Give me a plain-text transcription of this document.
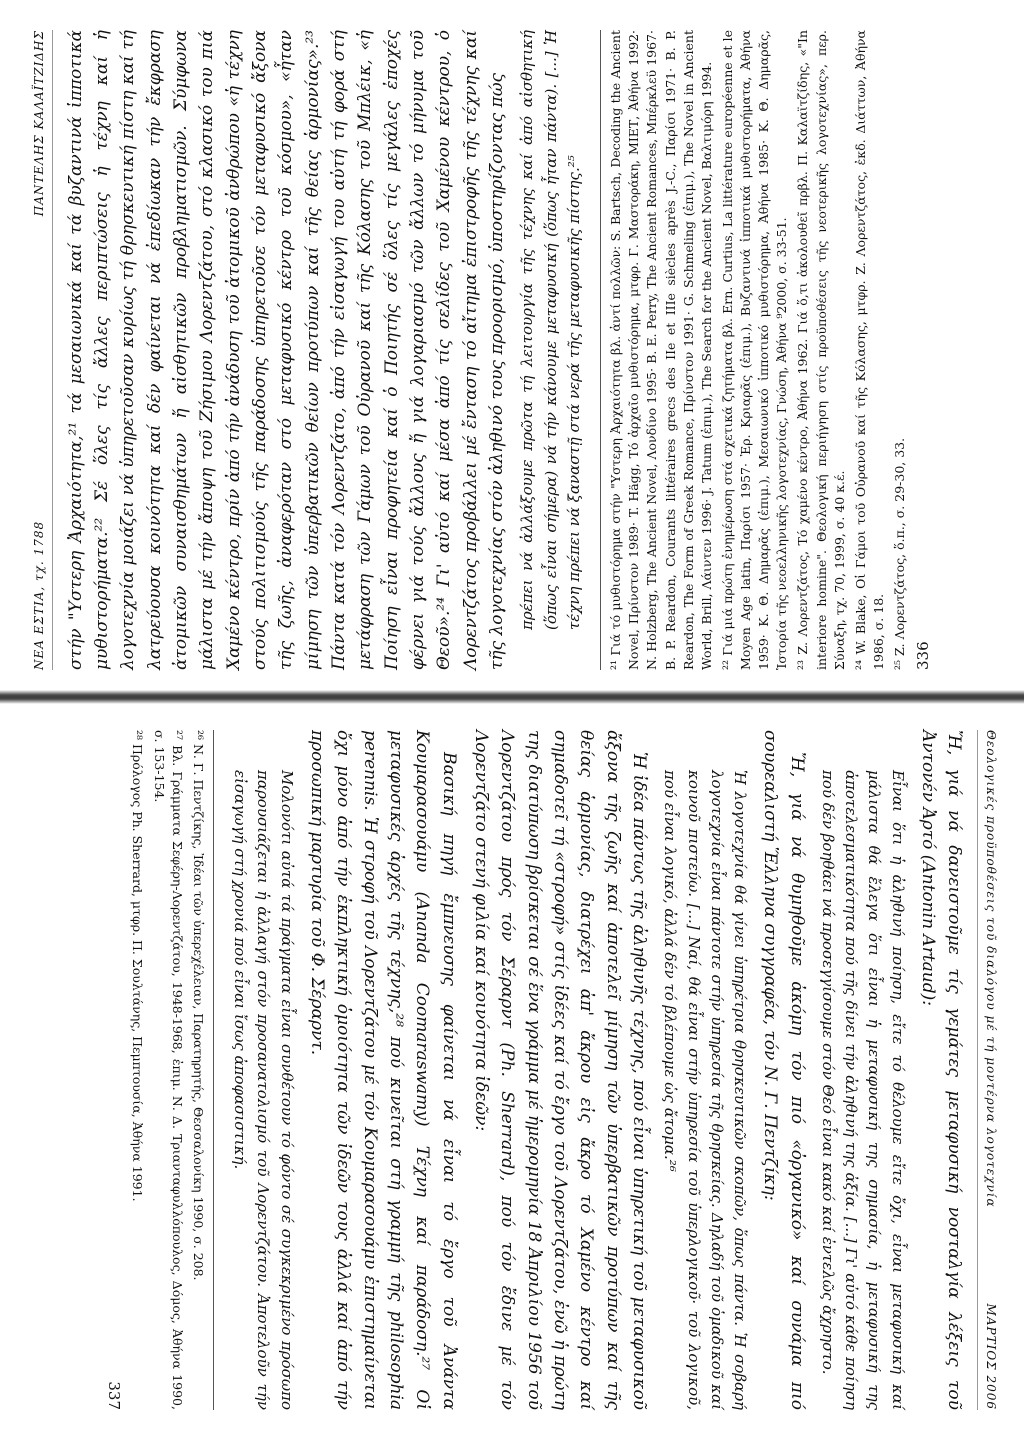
ΝΕΑ ΕΣΤΙΑ, τχ. 1788
ΠΑΝΤΕΛΗΣ ΚΑΛΑΪΤΖΙΔΗΣ στήν "Υστερη Ἀρχαιότητα,²¹ τά μεσαιωνικά καί τά βυζαντινά ἱπποτικά μυθιστορήματα.²² Σέ ὅλες τίς ἄλλες περιπτώσεις ἡ τέχνη καί ἡ λογοτεχνία μοιάζει νά ὑπηρετοῦσαν κυρίως τή θρησκευτική πίστη καί τή λατρεύουσα κοινότητα καί δέν φαίνεται νά ἐπεδίωκαν τήν ἔκφραση ἀτομικῶν συναισθημάτων ἤ αἰσθητικῶν προβληματισμῶν. Σύμφωνα μάλιστα μέ τήν ἄποψη τοῦ Ζήσιμου Λορεντζάτου, στό κλασικό του πιά Χαμένο κέντρο, πρίν ἀπό τήν ἀνάδυση τοῦ ἀτομικοῦ ἀνθρώπου «ἡ τέχνη στούς πολιτισμούς τῆς παράδοσης ὑπηρετοῦσε τόν μεταφυσικό ἄξονα τῆς ζωῆς, ἀναφερόταν στό μεταφυσικό κέντρο τοῦ κόσμου», «ἦταν μίμηση τῶν ὑπερβατικῶν θείων προτύπων καί τῆς θείας ἁρμονίας».²³ Πάντα κατά τόν Λορεντζάτο, ἀπό τήν εἰσαγωγή του αὐτή τή φορά στή μετάφραση τῶν Γάμων τοῦ Οὐρανοῦ καί τῆς Κόλασης τοῦ Μπλέικ, «ἡ Ποίηση εἶναι προφητεία καί ὁ Ποιητής σέ ὅλες τίς μεγάλες ἐποχές φέρνει γιά τούς ἄλλους ἤ γιά λογαριασμό τῶν ἄλλων τό μήνυμα τοῦ Θεοῦ».²⁴ Γι' αὐτό καί μέσα ἀπό τίς σελίδες τοῦ Χαμένου κέντρου, ὁ Λορεντζάτος προβάλλει μέ ἔνταση τό αἴτημα ἐπιστροφῆς τῆς τέχνης καί τῆς λογοτεχνίας στόν ἀληθινό τους προορισμό, ὑποστηρίζοντας πώς πρέπει νά ἀλλάξουμε πρῶτα τή λειτουργία τῆς τέχνης καί ἀπό αἰσθητική (ὅπως εἶναι σήμερα) νά τήν κάνουμε μεταφυσική (ὅπως ἦταν πάντα). [...] Ἡ τέχνη πρέπει νά ξαναστῇ στά νερά τῆς μεταφυσικῆς πίστης.²⁵ ²¹ Γιά τό μυθιστόρημα στήν "Υστερη Ἀρχαιότητα βλ. ἀντί πολλῶν: S. Bartsch, Decoding the Ancient Novel, Πρίνστον 1989· T. Hägg, Τό ἀρχαῖο μυθιστόρημα, μτφρ. Γ. Μαστοράκη, ΜΙΕΤ, Ἀθήνα 1992· N. Holzberg, The Ancient Novel, Λονδίνο 1995· B. E. Perry, The Ancient Romances, Μπέρκλεϋ 1967· B. P. Reardon, Courants littéraires grecs des IIe et IIIe siècles après J.-C., Παρίσι 1971· B. P. Reardon, The Form of Greek Romance, Πρίνστον 1991· G. Schmeling (ἐπιμ.), The Novel in Ancient World, Brill, Λάιντεν 1996· J. Tatum (ἐπιμ.), The Search for the Ancient Novel, Βαλτιμόρη 1994. ²² Γιά μιά πρώτη ἐνημέρωση στά σχετικά ζητήματα βλ. Ern. Curtius, La littérature européenne et le Moyen Age latin, Παρίσι 1957· Ἐρ. Κριαρᾶς (ἐπιμ.), Βυζαντινά ἱπποτικά μυθιστορήματα, Ἀθήνα 1959· Κ. Θ. Δημαρᾶς (ἐπιμ.), Μεσαιωνικό ἱπποτικό μυθιστόρημα, Ἀθήνα 1985· Κ. Θ. Δημαρᾶς, Ἱστορία τῆς νεοελληνικῆς λογοτεχνίας, Γνώση, Ἀθήνα ⁹2000, σ. 33-51. ²³ Ζ. Λορεντζάτος, Τό χαμένο κέντρο, Ἀθήνα 1962. Γιά ὅ,τι ἀκολουθεῖ πρβλ. Π. Καλαϊτζίδης, «"In interiore homine". Θεολογική περιήγηση στίς προϋποθέσεις τῆς νεοτερικῆς λογοτεχνίας», περ. Σύναξη, τχ. 70, 1999, σ. 40 κ.έ. ²⁴ W. Blake, Οἱ Γάμοι τοῦ Οὐρανοῦ καί τῆς Κόλασης, μτφρ. Ζ. Λορεντζάτος, ἐκδ. Διάττων, Ἀθήνα 1986, σ. 18. ²⁵ Ζ. Λορεντζάτος, ὅ.π., σ. 29-30, 33. 336
Θεολογικές προϋποθέσεις τοῦ διαλόγου μέ τή μοντέρνα λογοτεχνία
ΜΑΡΤΙΟΣ 2006

Ἤ, γιά νά δανειστοῦμε τίς γεμάτες μεταφυσική νοσταλγία λέξεις τοῦ Ἀντονέν Ἀρτό (Antonin Artaud):

Εἶναι ὅτι ἡ ἀληθινή ποίηση, εἴτε τό θέλουμε εἴτε ὄχι, εἶναι μεταφυσική καί μάλιστα θά ἔλεγα ὅτι εἶναι ἡ μεταφυσική της σημασία, ἡ μεταφυσική της ἀποτελεσματικότητα πού τῆς δίνει τήν ἀληθινή της ἀξία. [...] Γι' αὐτό κάθε ποίηση πού δέν βοηθάει νά προσεγγίσουμε στόν Θεό εἶναι κακό καί ἐντελῶς ἄχρηστο.

Ἤ, γιά νά θυμηθοῦμε ἀκόμη τόν πιό «ὀργανικό» καί συνάμα πιό σουρεαλιστή Ἕλληνα συγγραφέα, τόν Ν. Γ. Πεντζίκη:

Ἡ λογοτεχνία θά γίνει ὑπηρέτρια θρησκευτικῶν σκοπῶν, ὅπως πάντα. Ἡ σοβαρή λογοτεχνία εἶναι πάντοτε στήν ὑπηρεσία τῆς θρησκείας. Δηλαδή τοῦ ὁμαδικοῦ καί κοινοῦ πιστεύω. [...] Ναί, θά εἶναι στήν ὑπηρεσία τοῦ ὑπερλογικοῦ· τοῦ λογικοῦ, πού εἶναι λογικό, ἀλλά δέν τό βλέπουμε ὡς ἄτομα.²⁶

Ἡ ἰδέα πάντως τῆς ἀληθινῆς τέχνης, πού εἶναι ὑπηρετική τοῦ μεταφυσικοῦ ἄξονα τῆς ζωῆς καί ἀποτελεῖ μίμηση τῶν ὑπερβατικῶν προτύπων καί τῆς θείας ἁρμονίας, διατρέχει ἀπ' ἄκρου εἰς ἄκρο τό Χαμένο κέντρο καί σημαδοτεῖ τή «στροφή» στίς ἰδέες καί τό ἔργο τοῦ Λορεντζάτου, ἐνῶ ἡ πρώτη της διατύπωση βρίσκεται σέ ἕνα γράμμα μέ ἡμερομηνία 18 Ἀπριλίου 1956 τοῦ Λορεντζάτου πρός τόν Σέραρντ (Ph. Sherrard), πού τόν ἔδινε μέ τόν Λορεντζάτο στενή φιλία καί κοινότητα ἰδεῶν:

Βασική πηγή ἔμπνευσης φαίνεται νά εἶναι τό ἔργο τοῦ Ἀνάντα Κουμαρασουάμυ (Ananda Coomaraswamy) Τέχνη καί παράδοση.²⁷ Οἱ μεταφυσικές ἀρχές τῆς τέχνης,²⁸ πού κινεῖται στή γραμμή τῆς philosophia perennis. Ἡ στροφή τοῦ Λορεντζάτου μέ τόν Κουμαρασουάμυ ἐπιστημαίνεται ὄχι μόνο ἀπό τήν ἐκπληκτική ὁμοιότητα τῶν ἰδεῶν τους ἀλλά καί ἀπό τήν προσωπική μαρτυρία τοῦ Φ. Σέραρντ.

Μολονότι αὐτά τά πράγματα εἶναι συνθέτουν τό φόντο σέ συγκεκριμένο πρόσωπο παρουσιάζεται ἡ ἀλλαγή στόν προσανατολισμό τοῦ Λορεντζάτου. Ἀποτελοῦν τήν εἰσαγωγή στή χρονιά πού εἶναι ἴσως ἀποφασιστική.

²⁶ Ν. Γ. Πεντζίκης, Ἰδέαι τῶν ὑπερεχέλειαν, Παρατηρητής, Θεσσαλονίκη 1990, σ. 208.

²⁷ Βλ. Γράμματα Σεφέρη-Λορεντζάτου, 1948-1968, ἐπιμ. Ν. Δ. Τριανταφυλλόπουλος, Δόμος, Ἀθήνα 1990, σ. 153-154.

²⁸ Πρόλογος Ph. Sherrard, μτφρ. Π. Σουλτάνης, Πεμπτουσία, Ἀθήνα 1991.

337
